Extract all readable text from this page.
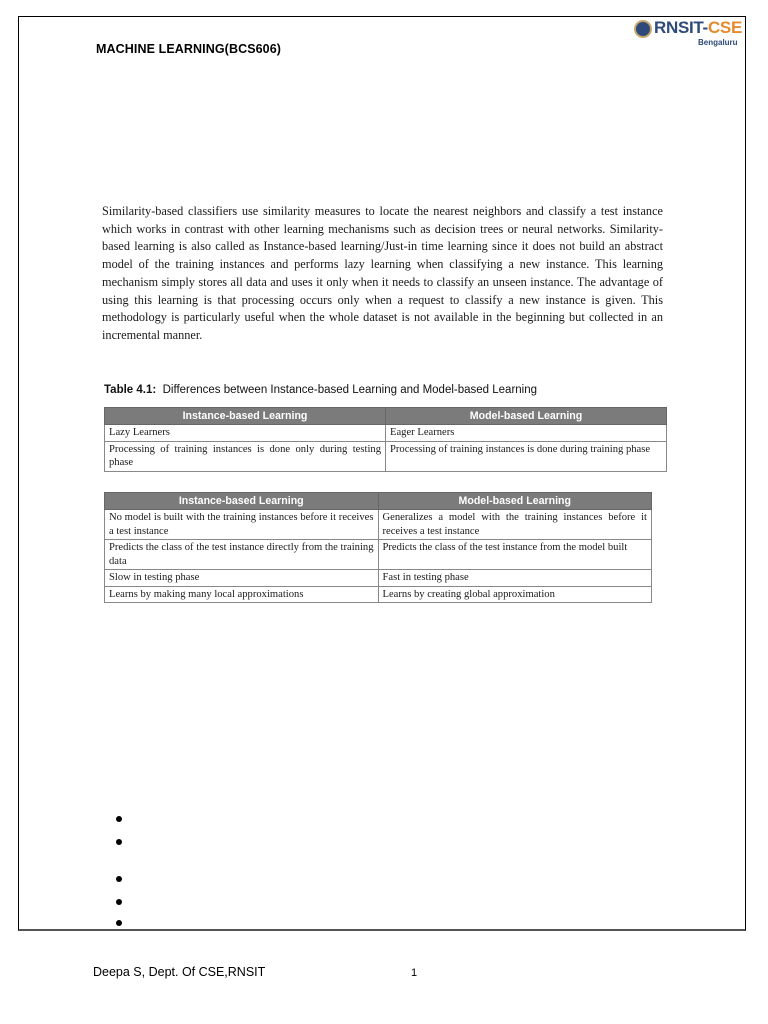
MACHINE LEARNING(BCS606)
RNSIT-CSE
Bengaluru

Similarity-based classifiers use similarity measures to locate the nearest neighbors and classify a test instance which works in contrast with other learning mechanisms such as decision trees or neural networks. Similarity-based learning is also called as Instance-based learning/Just-in time learning since it does not build an abstract model of the training instances and performs lazy learning when classifying a new instance. This learning mechanism simply stores all data and uses it only when it needs to classify an unseen instance. The advantage of using this learning is that processing occurs only when a request to classify a new instance is given. This methodology is particularly useful when the whole dataset is not available in the beginning but collected in an incremental manner.

Table 4.1: Differences between Instance-based Learning and Model-based Learning
Instance-based Learning	Model-based Learning
Lazy Learners	Eager Learners
Processing of training instances is done only during testing phase	Processing of training instances is done during training phase
Instance-based Learning	Model-based Learning
No model is built with the training instances before it receives a test instance	Generalizes a model with the training instances before it receives a test instance
Predicts the class of the test instance directly from the training data	Predicts the class of the test instance from the model built
Slow in testing phase	Fast in testing phase
Learns by making many local approximations	Learns by creating global approximation
Deepa S, Dept. Of CSE,RNSIT	1
